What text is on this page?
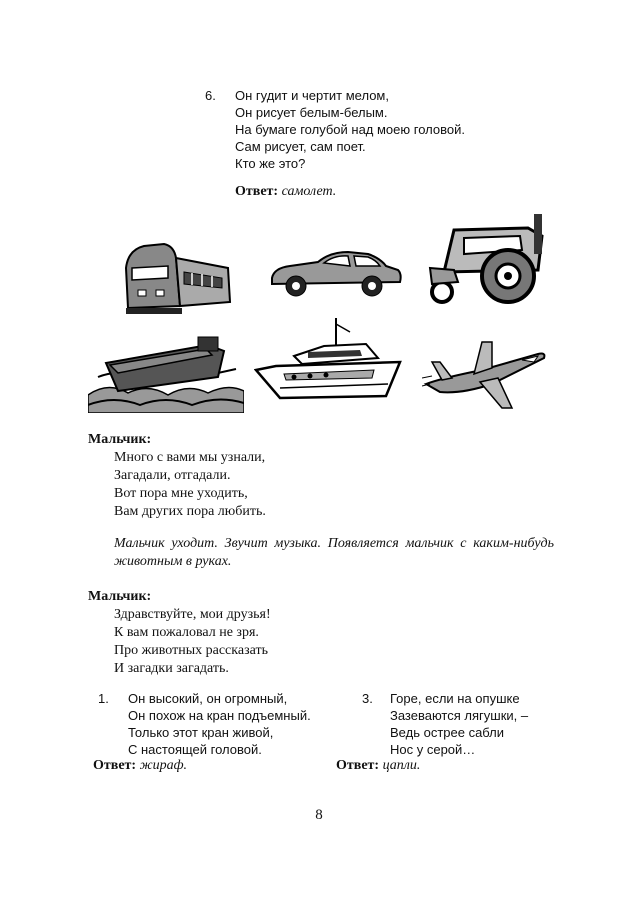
6.	Он гудит и чертит мелом,
Он рисует белым-белым.
На бумаге голубой над моею головой.
Сам рисует, сам поет.
Кто же это?
Ответ: самолет.
Мальчик:
Много с вами мы узнали,
Загадали, отгадали.
Вот пора мне уходить,
Вам других пора любить.
Мальчик уходит. Звучит музыка. Появляется мальчик с каким-нибудь животным в руках.
Мальчик:
Здравствуйте, мои друзья!
К вам пожаловал не зря.
Про животных рассказать
И загадки загадать.
1.	Он высокий, он огромный,
Он похож на кран подъемный.
Только этот кран живой,
С настоящей головой.
Ответ: жираф.
3.	Горе, если на опушке
Зазеваются лягушки, –
Ведь острее сабли
Нос у серой…
Ответ: цапли.
8
